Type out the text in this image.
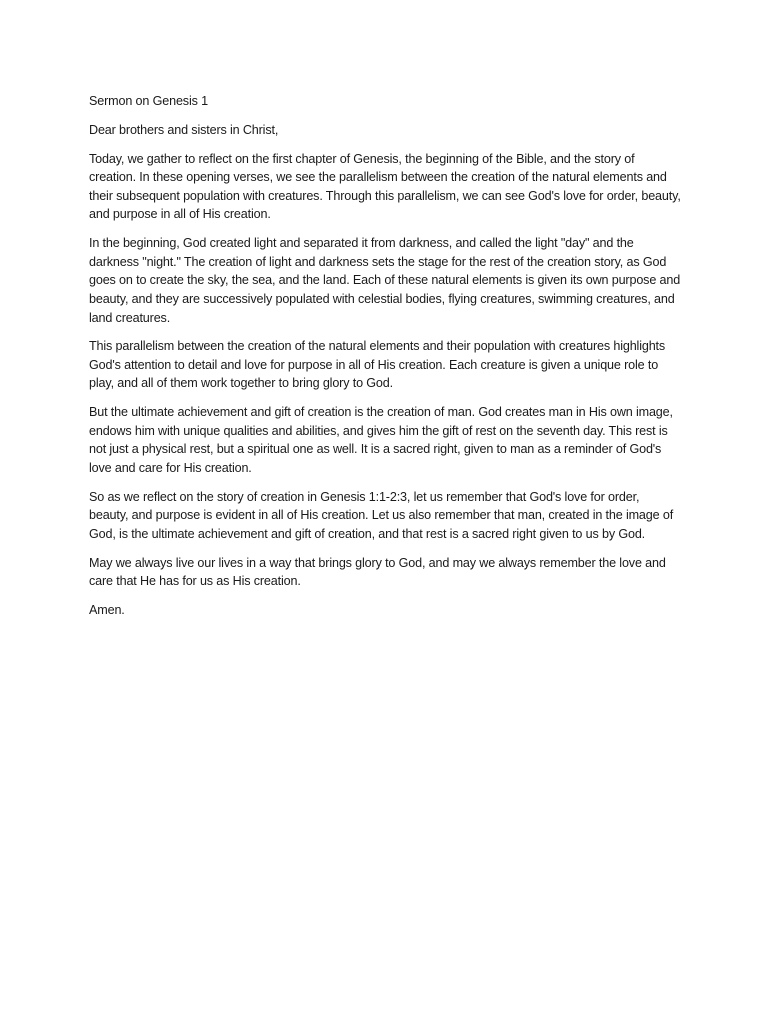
Sermon on Genesis 1

Dear brothers and sisters in Christ,

Today, we gather to reflect on the first chapter of Genesis, the beginning of the Bible, and the story of creation. In these opening verses, we see the parallelism between the creation of the natural elements and their subsequent population with creatures. Through this parallelism, we can see God's love for order, beauty, and purpose in all of His creation.

In the beginning, God created light and separated it from darkness, and called the light "day" and the darkness "night." The creation of light and darkness sets the stage for the rest of the creation story, as God goes on to create the sky, the sea, and the land. Each of these natural elements is given its own purpose and beauty, and they are successively populated with celestial bodies, flying creatures, swimming creatures, and land creatures.

This parallelism between the creation of the natural elements and their population with creatures highlights God's attention to detail and love for purpose in all of His creation. Each creature is given a unique role to play, and all of them work together to bring glory to God.

But the ultimate achievement and gift of creation is the creation of man. God creates man in His own image, endows him with unique qualities and abilities, and gives him the gift of rest on the seventh day. This rest is not just a physical rest, but a spiritual one as well. It is a sacred right, given to man as a reminder of God's love and care for His creation.

So as we reflect on the story of creation in Genesis 1:1-2:3, let us remember that God's love for order, beauty, and purpose is evident in all of His creation. Let us also remember that man, created in the image of God, is the ultimate achievement and gift of creation, and that rest is a sacred right given to us by God.

May we always live our lives in a way that brings glory to God, and may we always remember the love and care that He has for us as His creation.

Amen.
